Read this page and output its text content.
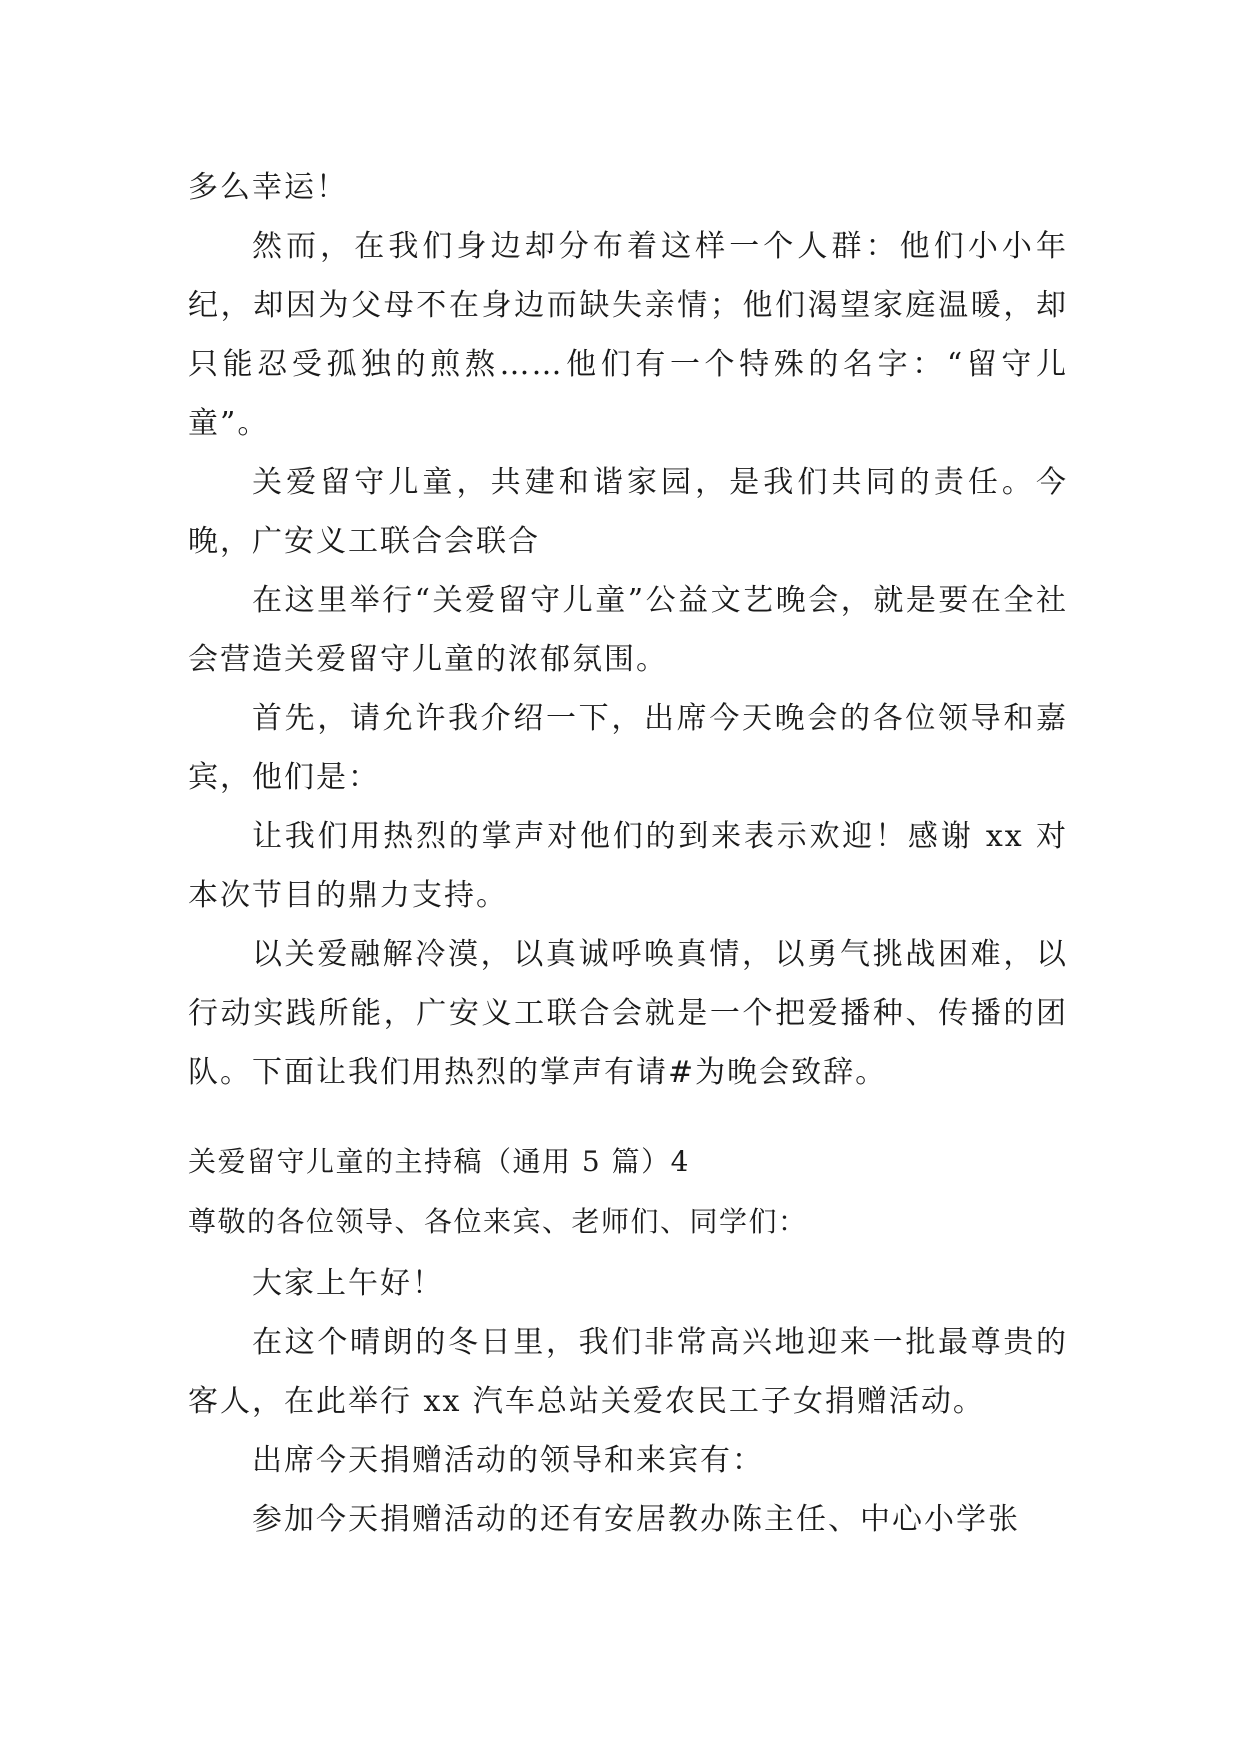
多么幸运！

然而，在我们身边却分布着这样一个人群：他们小小年纪，却因为父母不在身边而缺失亲情；他们渴望家庭温暖，却只能忍受孤独的煎熬……他们有一个特殊的名字：“留守儿童”。

关爱留守儿童，共建和谐家园，是我们共同的责任。今晚，广安义工联合会联合

在这里举行“关爱留守儿童”公益文艺晚会，就是要在全社会营造关爱留守儿童的浓郁氛围。

首先，请允许我介绍一下，出席今天晚会的各位领导和嘉宾，他们是：

让我们用热烈的掌声对他们的到来表示欢迎！感谢 xx 对本次节目的鼎力支持。

以关爱融解冷漠，以真诚呼唤真情，以勇气挑战困难，以行动实践所能，广安义工联合会就是一个把爱播种、传播的团队。下面让我们用热烈的掌声有请#为晚会致辞。

关爱留守儿童的主持稿（通用 5 篇）4

尊敬的各位领导、各位来宾、老师们、同学们：

大家上午好！

在这个晴朗的冬日里，我们非常高兴地迎来一批最尊贵的客人，在此举行 xx 汽车总站关爱农民工子女捐赠活动。

出席今天捐赠活动的领导和来宾有：

参加今天捐赠活动的还有安居教办陈主任、中心小学张
